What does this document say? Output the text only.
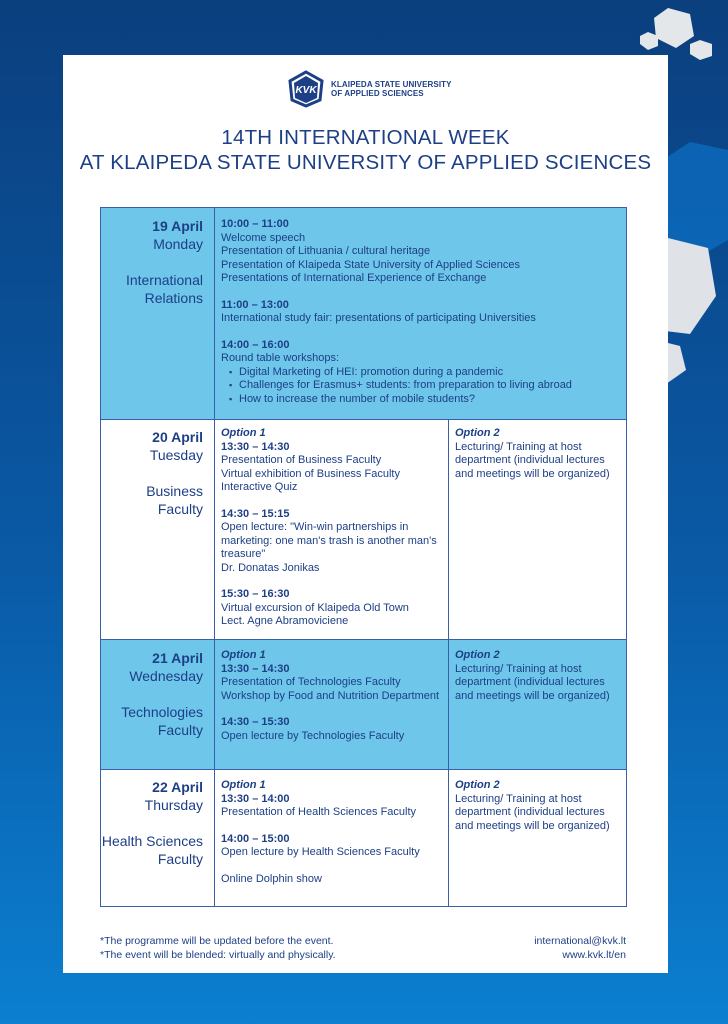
KVK
KLAIPEDA STATE UNIVERSITY
OF APPLIED SCIENCES
14TH INTERNATIONAL WEEK
AT KLAIPEDA STATE UNIVERSITY OF APPLIED SCIENCES
19 April
Monday
International
Relations
10:00 – 11:00
Welcome speech
Presentation of Lithuania / cultural heritage
Presentation of Klaipeda State University of Applied Sciences
Presentations of International Experience of Exchange
11:00 – 13:00
International study fair: presentations of participating Universities
14:00 – 16:00
Round table workshops:
▪ Digital Marketing of HEI: promotion during a pandemic
▪ Challenges for Erasmus+ students: from preparation to living abroad
▪ How to increase the number of mobile students?
20 April
Tuesday
Business
Faculty
Option 1
13:30 – 14:30
Presentation of Business Faculty
Virtual exhibition of Business Faculty
Interactive Quiz
14:30 – 15:15
Open lecture: "Win-win partnerships in
marketing: one man's trash is another man's
treasure"
Dr. Donatas Jonikas
15:30 – 16:30
Virtual excursion of Klaipeda Old Town
Lect. Agne Abramoviciene
Option 2
Lecturing/ Training at host
department (individual lectures
and meetings will be organized)
21 April
Wednesday
Technologies
Faculty
Option 1
13:30 – 14:30
Presentation of Technologies Faculty
Workshop by Food and Nutrition Department
14:30 – 15:30
Open lecture by Technologies Faculty
Option 2
Lecturing/ Training at host
department (individual lectures
and meetings will be organized)
22 April
Thursday
Health Sciences
Faculty
Option 1
13:30 – 14:00
Presentation of Health Sciences Faculty
14:00 – 15:00
Open lecture by Health Sciences Faculty
Online Dolphin show
Option 2
Lecturing/ Training at host
department (individual lectures
and meetings will be organized)
*The programme will be updated before the event.
*The event will be blended: virtually and physically.
international@kvk.lt
www.kvk.lt/en
